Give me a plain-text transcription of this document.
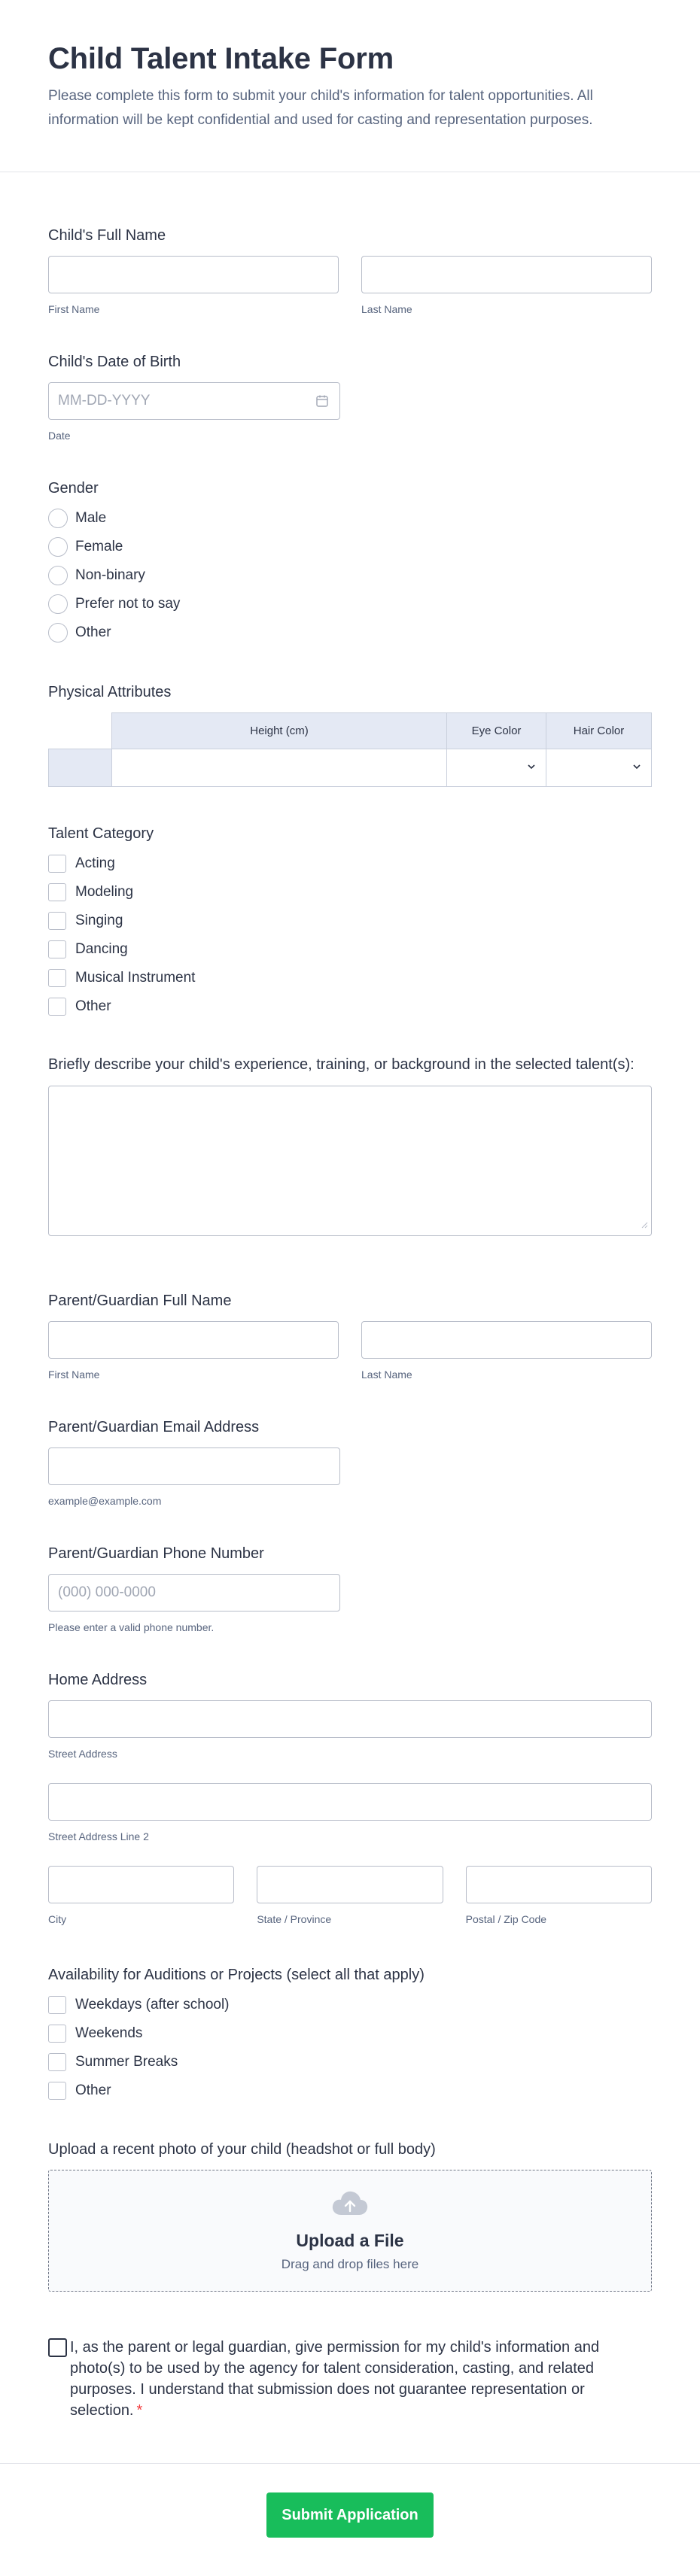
Child Talent Intake Form

Please complete this form to submit your child's information for talent opportunities. All information will be kept confidential and used for casting and representation purposes.

Child's Full Name
First Name	Last Name
Child's Date of Birth
MM-DD-YYYY
Date
Gender
Male
Female
Non-binary
Prefer not to say
Other
Physical Attributes
	Height (cm)	Eye Color	Hair Color

Talent Category
Acting
Modeling
Singing
Dancing
Musical Instrument
Other
Briefly describe your child's experience, training, or background in the selected talent(s):
Parent/Guardian Full Name
First Name	Last Name
Parent/Guardian Email Address
example@example.com
Parent/Guardian Phone Number
(000) 000-0000
Please enter a valid phone number.
Home Address
Street Address
Street Address Line 2
City	State / Province	Postal / Zip Code
Availability for Auditions or Projects (select all that apply)
Weekdays (after school)
Weekends
Summer Breaks
Other
Upload a recent photo of your child (headshot or full body)
Upload a File
Drag and drop files here
I, as the parent or legal guardian, give permission for my child's information and photo(s) to be used by the agency for talent consideration, casting, and related purposes. I understand that submission does not guarantee representation or selection. *
Submit Application
